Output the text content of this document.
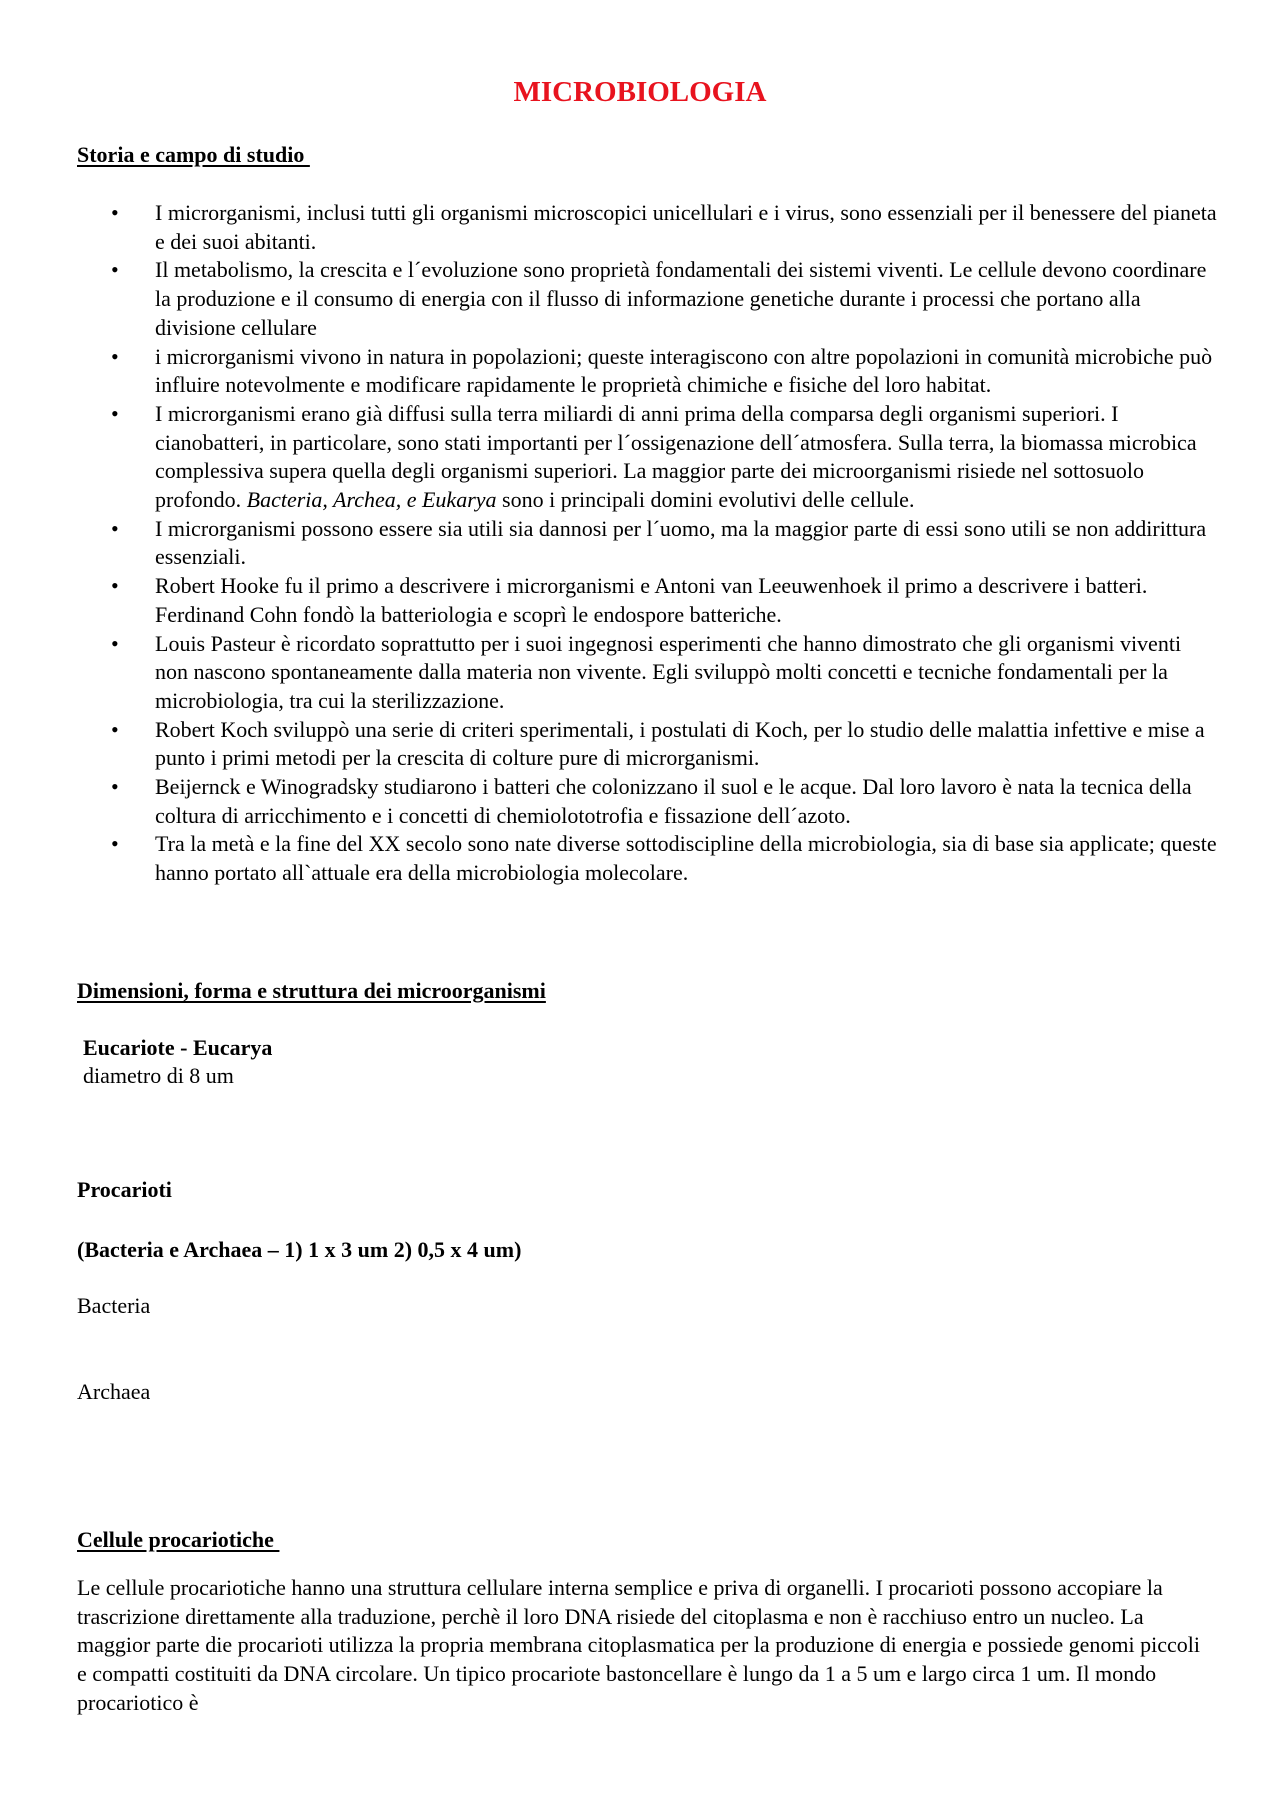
MICROBIOLOGIA
Storia e campo di studio
• I microrganismi, inclusi tutti gli organismi microscopici unicellulari e i virus, sono essenziali per il benessere del pianeta e dei suoi abitanti.
• Il metabolismo, la crescita e l´evoluzione sono proprietà fondamentali dei sistemi viventi. Le cellule devono coordinare la produzione e il consumo di energia con il flusso di informazione genetiche durante i processi che portano alla divisione cellulare
• i microrganismi vivono in natura in popolazioni; queste interagiscono con altre popolazioni in comunità microbiche può influire notevolmente e modificare rapidamente le proprietà chimiche e fisiche del loro habitat.
• I microrganismi erano già diffusi sulla terra miliardi di anni prima della comparsa degli organismi superiori. I cianobatteri, in particolare, sono stati importanti per l´ossigenazione dell´atmosfera. Sulla terra, la biomassa microbica complessiva supera quella degli organismi superiori. La maggior parte dei microorganismi risiede nel sottosuolo profondo. Bacteria, Archea, e Eukarya sono i principali domini evolutivi delle cellule.
• I microrganismi possono essere sia utili sia dannosi per l´uomo, ma la maggior parte di essi sono utili se non addirittura essenziali.
• Robert Hooke fu il primo a descrivere i microrganismi e Antoni van Leeuwenhoek il primo a descrivere i batteri. Ferdinand Cohn fondò la batteriologia e scoprì le endospore batteriche.
• Louis Pasteur è ricordato soprattutto per i suoi ingegnosi esperimenti che hanno dimostrato che gli organismi viventi non nascono spontaneamente dalla materia non vivente. Egli sviluppò molti concetti e tecniche fondamentali per la microbiologia, tra cui la sterilizzazione.
• Robert Koch sviluppò una serie di criteri sperimentali, i postulati di Koch, per lo studio delle malattia infettive e mise a punto i primi metodi per la crescita di colture pure di microrganismi.
• Beijernck e Winogradsky studiarono i batteri che colonizzano il suol e le acque. Dal loro lavoro è nata la tecnica della coltura di arricchimento e i concetti di chemiolototrofia e fissazione dell´azoto.
• Tra la metà e la fine del XX secolo sono nate diverse sottodiscipline della microbiologia, sia di base sia applicate; queste hanno portato all`attuale era della microbiologia molecolare.
Dimensioni, forma e struttura dei microorganismi

Eucariote - Eucarya

diametro di 8 um

Procarioti

(Bacteria e Archaea – 1) 1 x 3 um 2) 0,5 x 4 um)

Bacteria

Archaea

Cellule procariotiche

Le cellule procariotiche hanno una struttura cellulare interna semplice e priva di organelli. I procarioti possono accopiare la trascrizione direttamente alla traduzione, perchè il loro DNA risiede del citoplasma e non è racchiuso entro un nucleo. La maggior parte die procarioti utilizza la propria membrana citoplasmatica per la produzione di energia e possiede genomi piccoli e compatti costituiti da DNA circolare. Un tipico procariote bastoncellare è lungo da 1 a 5 um e largo circa 1 um. Il mondo procariotico è
